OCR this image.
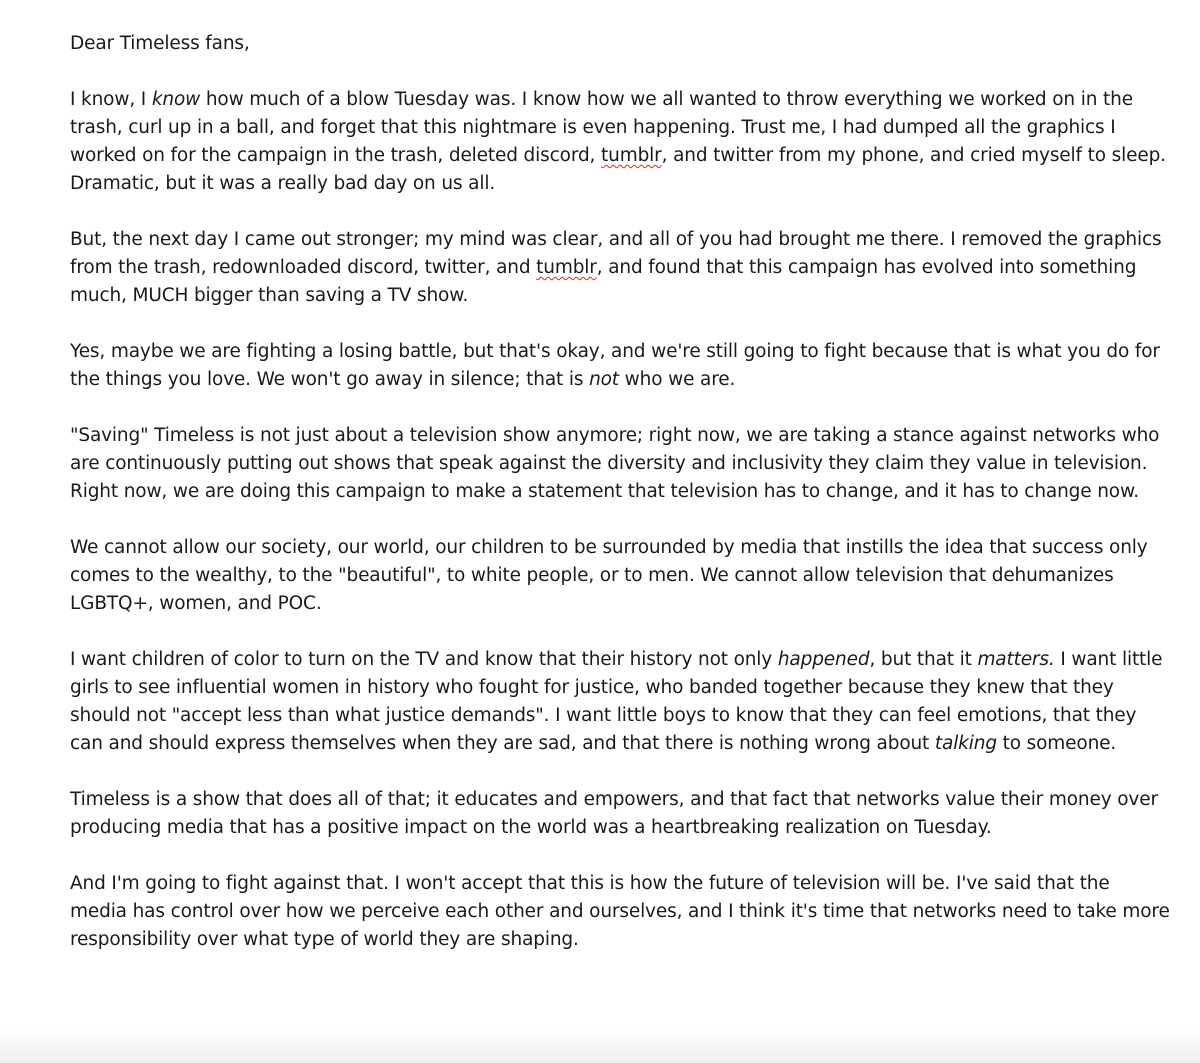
Dear Timeless fans,

I know, I know how much of a blow Tuesday was. I know how we all wanted to throw everything we worked on in the trash, curl up in a ball, and forget that this nightmare is even happening. Trust me, I had dumped all the graphics I worked on for the campaign in the trash, deleted discord, tumblr, and twitter from my phone, and cried myself to sleep. Dramatic, but it was a really bad day on us all.

But, the next day I came out stronger; my mind was clear, and all of you had brought me there. I removed the graphics from the trash, redownloaded discord, twitter, and tumblr, and found that this campaign has evolved into something much, MUCH bigger than saving a TV show.

Yes, maybe we are fighting a losing battle, but that's okay, and we're still going to fight because that is what you do for the things you love. We won't go away in silence; that is not who we are.

"Saving" Timeless is not just about a television show anymore; right now, we are taking a stance against networks who are continuously putting out shows that speak against the diversity and inclusivity they claim they value in television. Right now, we are doing this campaign to make a statement that television has to change, and it has to change now.

We cannot allow our society, our world, our children to be surrounded by media that instills the idea that success only comes to the wealthy, to the "beautiful", to white people, or to men. We cannot allow television that dehumanizes LGBTQ+, women, and POC.

I want children of color to turn on the TV and know that their history not only happened, but that it matters. I want little girls to see influential women in history who fought for justice, who banded together because they knew that they should not "accept less than what justice demands". I want little boys to know that they can feel emotions, that they can and should express themselves when they are sad, and that there is nothing wrong about talking to someone.

Timeless is a show that does all of that; it educates and empowers, and that fact that networks value their money over producing media that has a positive impact on the world was a heartbreaking realization on Tuesday.

And I'm going to fight against that. I won't accept that this is how the future of television will be. I've said that the media has control over how we perceive each other and ourselves, and I think it's time that networks need to take more responsibility over what type of world they are shaping.
